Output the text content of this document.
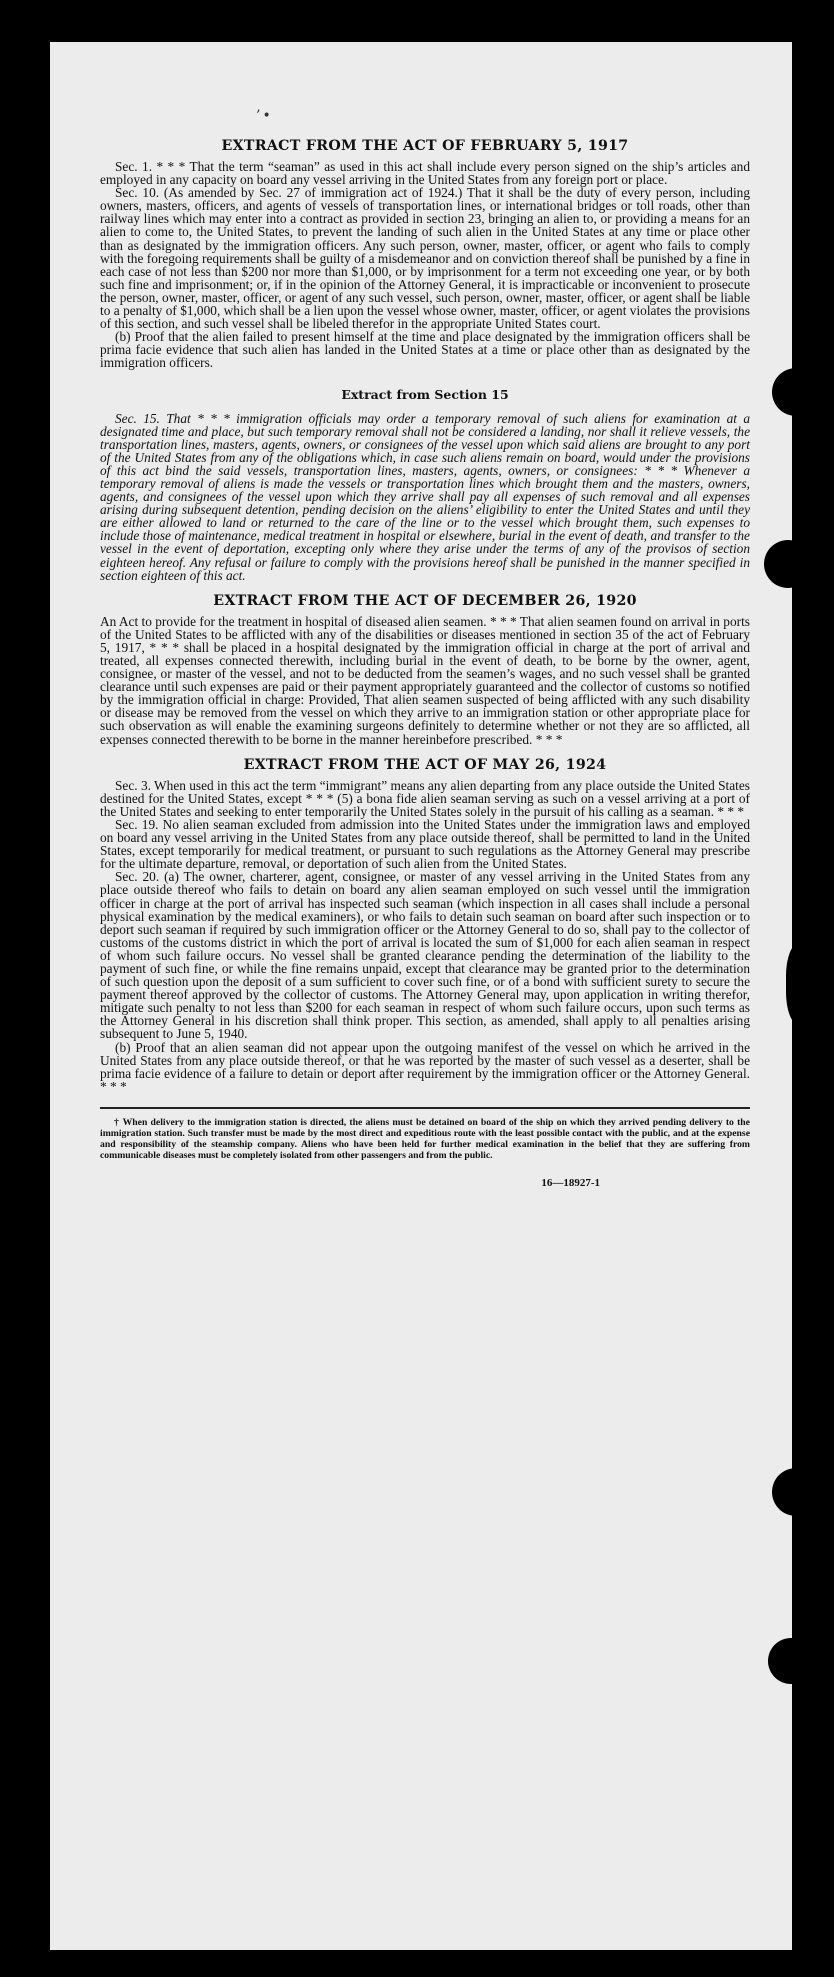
’•
EXTRACT FROM THE ACT OF FEBRUARY 5, 1917

Sec. 1. * * * That the term “seaman” as used in this act shall include every person signed on the ship’s articles and employed in any capacity on board any vessel arriving in the United States from any foreign port or place.

Sec. 10. (As amended by Sec. 27 of immigration act of 1924.) That it shall be the duty of every person, including owners, masters, officers, and agents of vessels of transportation lines, or international bridges or toll roads, other than railway lines which may enter into a contract as provided in section 23, bringing an alien to, or providing a means for an alien to come to, the United States, to prevent the landing of such alien in the United States at any time or place other than as designated by the immigration officers. Any such person, owner, master, officer, or agent who fails to comply with the foregoing requirements shall be guilty of a misdemeanor and on conviction thereof shall be punished by a fine in each case of not less than $200 nor more than $1,000, or by imprisonment for a term not exceeding one year, or by both such fine and imprisonment; or, if in the opinion of the Attorney General, it is impracticable or inconvenient to prosecute the person, owner, master, officer, or agent of any such vessel, such person, owner, master, officer, or agent shall be liable to a penalty of $1,000, which shall be a lien upon the vessel whose owner, master, officer, or agent violates the provisions of this section, and such vessel shall be libeled therefor in the appropriate United States court.

(b) Proof that the alien failed to present himself at the time and place designated by the immigration officers shall be prima facie evidence that such alien has landed in the United States at a time or place other than as designated by the immigration officers.

Extract from Section 15

Sec. 15. That * * * immigration officials may order a temporary removal of such aliens for examination at a designated time and place, but such temporary removal shall not be considered a landing, nor shall it relieve vessels, the transportation lines, masters, agents, owners, or consignees of the vessel upon which said aliens are brought to any port of the United States from any of the obligations which, in case such aliens remain on board, would under the provisions of this act bind the said vessels, transportation lines, masters, agents, owners, or consignees: * * * Whenever a temporary removal of aliens is made the vessels or transportation lines which brought them and the masters, owners, agents, and consignees of the vessel upon which they arrive shall pay all expenses of such removal and all expenses arising during subsequent detention, pending decision on the aliens’ eligibility to enter the United States and until they are either allowed to land or returned to the care of the line or to the vessel which brought them, such expenses to include those of maintenance, medical treatment in hospital or elsewhere, burial in the event of death, and transfer to the vessel in the event of deportation, excepting only where they arise under the terms of any of the provisos of section eighteen hereof. Any refusal or failure to comply with the provisions hereof shall be punished in the manner specified in section eighteen of this act.

EXTRACT FROM THE ACT OF DECEMBER 26, 1920

An Act to provide for the treatment in hospital of diseased alien seamen. * * * That alien seamen found on arrival in ports of the United States to be afflicted with any of the disabilities or diseases mentioned in section 35 of the act of February 5, 1917, * * * shall be placed in a hospital designated by the immigration official in charge at the port of arrival and treated, all expenses connected therewith, including burial in the event of death, to be borne by the owner, agent, consignee, or master of the vessel, and not to be deducted from the seamen’s wages, and no such vessel shall be granted clearance until such expenses are paid or their payment appropriately guaranteed and the collector of customs so notified by the immigration official in charge: Provided, That alien seamen suspected of being afflicted with any such disability or disease may be removed from the vessel on which they arrive to an immigration station or other appropriate place for such observation as will enable the examining surgeons definitely to determine whether or not they are so afflicted, all expenses connected therewith to be borne in the manner hereinbefore prescribed. * * *

EXTRACT FROM THE ACT OF MAY 26, 1924

Sec. 3. When used in this act the term “immigrant” means any alien departing from any place outside the United States destined for the United States, except * * * (5) a bona fide alien seaman serving as such on a vessel arriving at a port of the United States and seeking to enter temporarily the United States solely in the pursuit of his calling as a seaman. * * *

Sec. 19. No alien seaman excluded from admission into the United States under the immigration laws and employed on board any vessel arriving in the United States from any place outside thereof, shall be permitted to land in the United States, except temporarily for medical treatment, or pursuant to such regulations as the Attorney General may prescribe for the ultimate departure, removal, or deportation of such alien from the United States.

Sec. 20. (a) The owner, charterer, agent, consignee, or master of any vessel arriving in the United States from any place outside thereof who fails to detain on board any alien seaman employed on such vessel until the immigration officer in charge at the port of arrival has inspected such seaman (which inspection in all cases shall include a personal physical examination by the medical examiners), or who fails to detain such seaman on board after such inspection or to deport such seaman if required by such immigration officer or the Attorney General to do so, shall pay to the collector of customs of the customs district in which the port of arrival is located the sum of $1,000 for each alien seaman in respect of whom such failure occurs. No vessel shall be granted clearance pending the determination of the liability to the payment of such fine, or while the fine remains unpaid, except that clearance may be granted prior to the determination of such question upon the deposit of a sum sufficient to cover such fine, or of a bond with sufficient surety to secure the payment thereof approved by the collector of customs. The Attorney General may, upon application in writing therefor, mitigate such penalty to not less than $200 for each seaman in respect of whom such failure occurs, upon such terms as the Attorney General in his discretion shall think proper. This section, as amended, shall apply to all penalties arising subsequent to June 5, 1940.

(b) Proof that an alien seaman did not appear upon the outgoing manifest of the vessel on which he arrived in the United States from any place outside thereof, or that he was reported by the master of such vessel as a deserter, shall be prima facie evidence of a failure to detain or deport after requirement by the immigration officer or the Attorney General. * * *

† When delivery to the immigration station is directed, the aliens must be detained on board of the ship on which they arrived pending delivery to the immigration station. Such transfer must be made by the most direct and expeditious route with the least possible contact with the public, and at the expense and responsibility of the steamship company. Aliens who have been held for further medical examination in the belief that they are suffering from communicable diseases must be completely isolated from other passengers and from the public.

16—18927-1
